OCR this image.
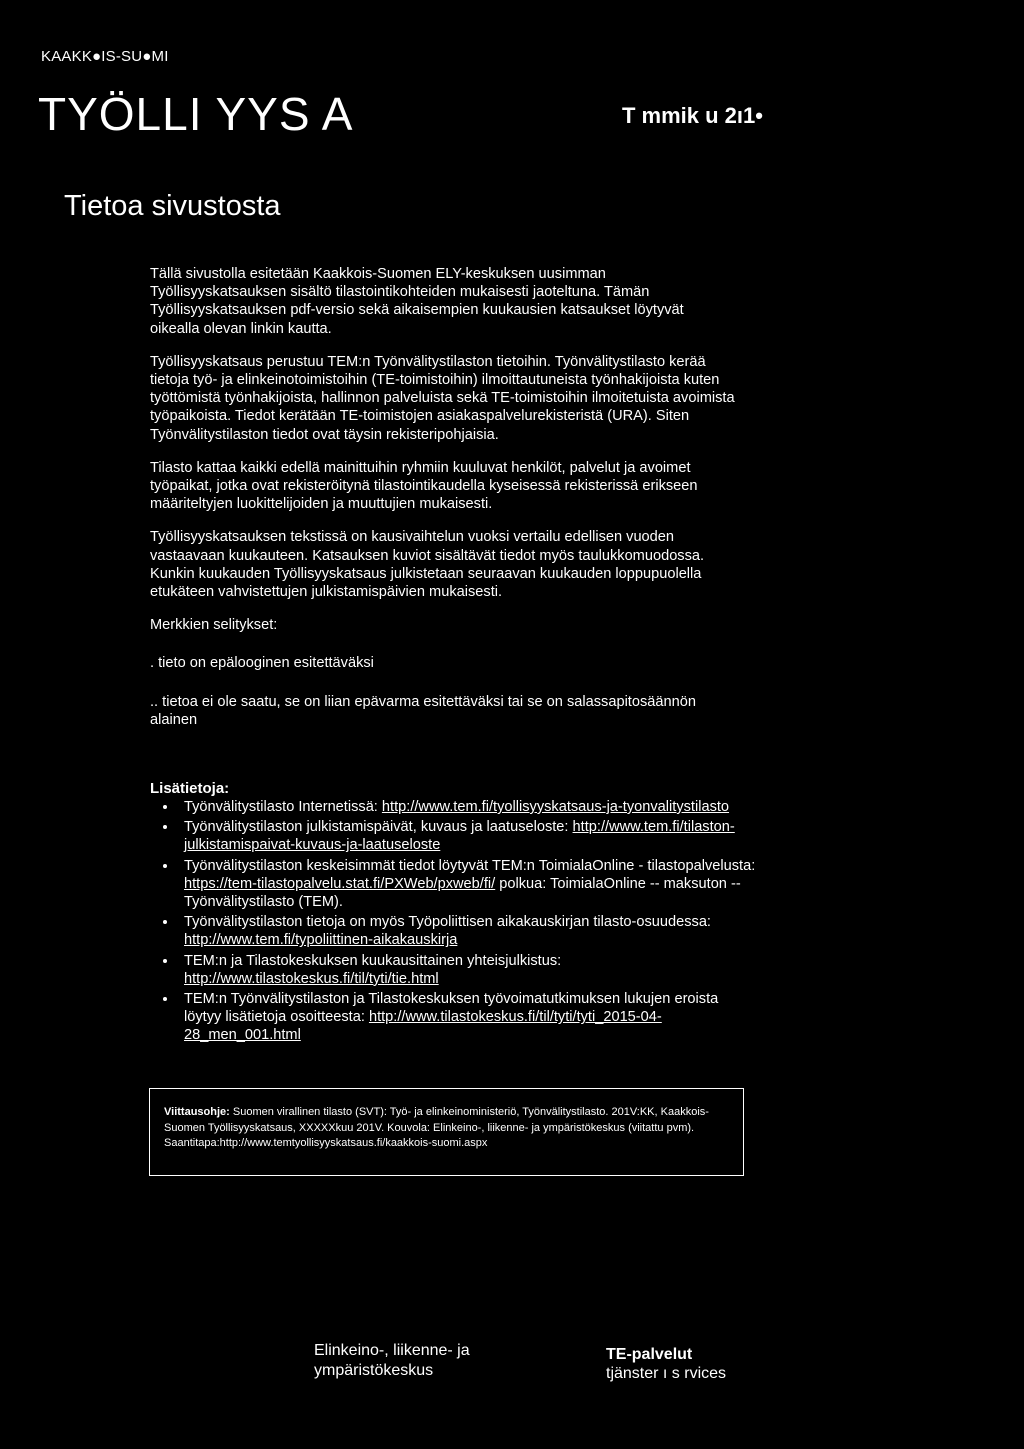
KAAKK●IS-SU●MI
TYÖLLI YYS A	T mmik u 2ı1•
Tietoa sivustosta

Tällä sivustolla esitetään Kaakkois-Suomen ELY-keskuksen uusimman Työllisyyskatsauksen sisältö tilastointikohteiden mukaisesti jaoteltuna. Tämän Työllisyyskatsauksen pdf-versio sekä aikaisempien kuukausien katsaukset löytyvät oikealla olevan linkin kautta.

Työllisyyskatsaus perustuu TEM:n Työnvälitystilaston tietoihin. Työnvälitystilasto kerää tietoja työ- ja elinkeinotoimistoihin (TE-toimistoihin) ilmoittautuneista työnhakijoista kuten työttömistä työnhakijoista, hallinnon palveluista sekä TE-toimistoihin ilmoitetuista avoimista työpaikoista. Tiedot kerätään TE-toimistojen asiakaspalvelurekisteristä (URA). Siten Työnvälitystilaston tiedot ovat täysin rekisteripohjaisia.

Tilasto kattaa kaikki edellä mainittuihin ryhmiin kuuluvat henkilöt, palvelut ja avoimet työpaikat, jotka ovat rekisteröitynä tilastointikaudella kyseisessä rekisterissä erikseen määriteltyjen luokittelijoiden ja muuttujien mukaisesti.

Työllisyyskatsauksen tekstissä on kausivaihtelun vuoksi vertailu edellisen vuoden vastaavaan kuukauteen. Katsauksen kuviot sisältävät tiedot myös taulukkomuodossa. Kunkin kuukauden Työllisyyskatsaus julkistetaan seuraavan kuukauden loppupuolella etukäteen vahvistettujen julkistamispäivien mukaisesti.

Merkkien selitykset:

. tieto on epälooginen esitettäväksi

.. tietoa ei ole saatu, se on liian epävarma esitettäväksi tai se on salassapitosäännön alainen

Lisätietoja:
• Työnvälitystilasto Internetissä: http://www.tem.fi/tyollisyyskatsaus-ja-tyonvalitystilasto
• Työnvälitystilaston julkistamispäivät, kuvaus ja laatuseloste: http://www.tem.fi/tilaston-julkistamispaivat-kuvaus-ja-laatuseloste
• Työnvälitystilaston keskeisimmät tiedot löytyvät TEM:n ToimialaOnline - tilastopalvelusta: https://tem-tilastopalvelu.stat.fi/PXWeb/pxweb/fi/ polkua: ToimialaOnline -- maksuton -- Työnvälitystilasto (TEM).
• Työnvälitystilaston tietoja on myös Työpoliittisen aikakauskirjan tilasto-osuudessa: http://www.tem.fi/typoliittinen-aikakauskirja
• TEM:n ja Tilastokeskuksen kuukausittainen yhteisjulkistus: http://www.tilastokeskus.fi/til/tyti/tie.html
• TEM:n Työnvälitystilaston ja Tilastokeskuksen työvoimatutkimuksen lukujen eroista löytyy lisätietoja osoitteesta: http://www.tilastokeskus.fi/til/tyti/tyti_2015-04-28_men_001.html
Viittausohje: Suomen virallinen tilasto (SVT): Työ- ja elinkeinoministeriö, Työnvälitystilasto. 201V:KK, Kaakkois-Suomen Työllisyyskatsaus, XXXXXkuu 201V. Kouvola: Elinkeino-, liikenne- ja ympäristökeskus (viitattu pvm). Saantitapa:http://www.temtyollisyyskatsaus.fi/kaakkois-suomi.aspx
Elinkeino-, liikenne- ja
ympäristökeskus
TE-palvelut
tjänster ı s rvices
